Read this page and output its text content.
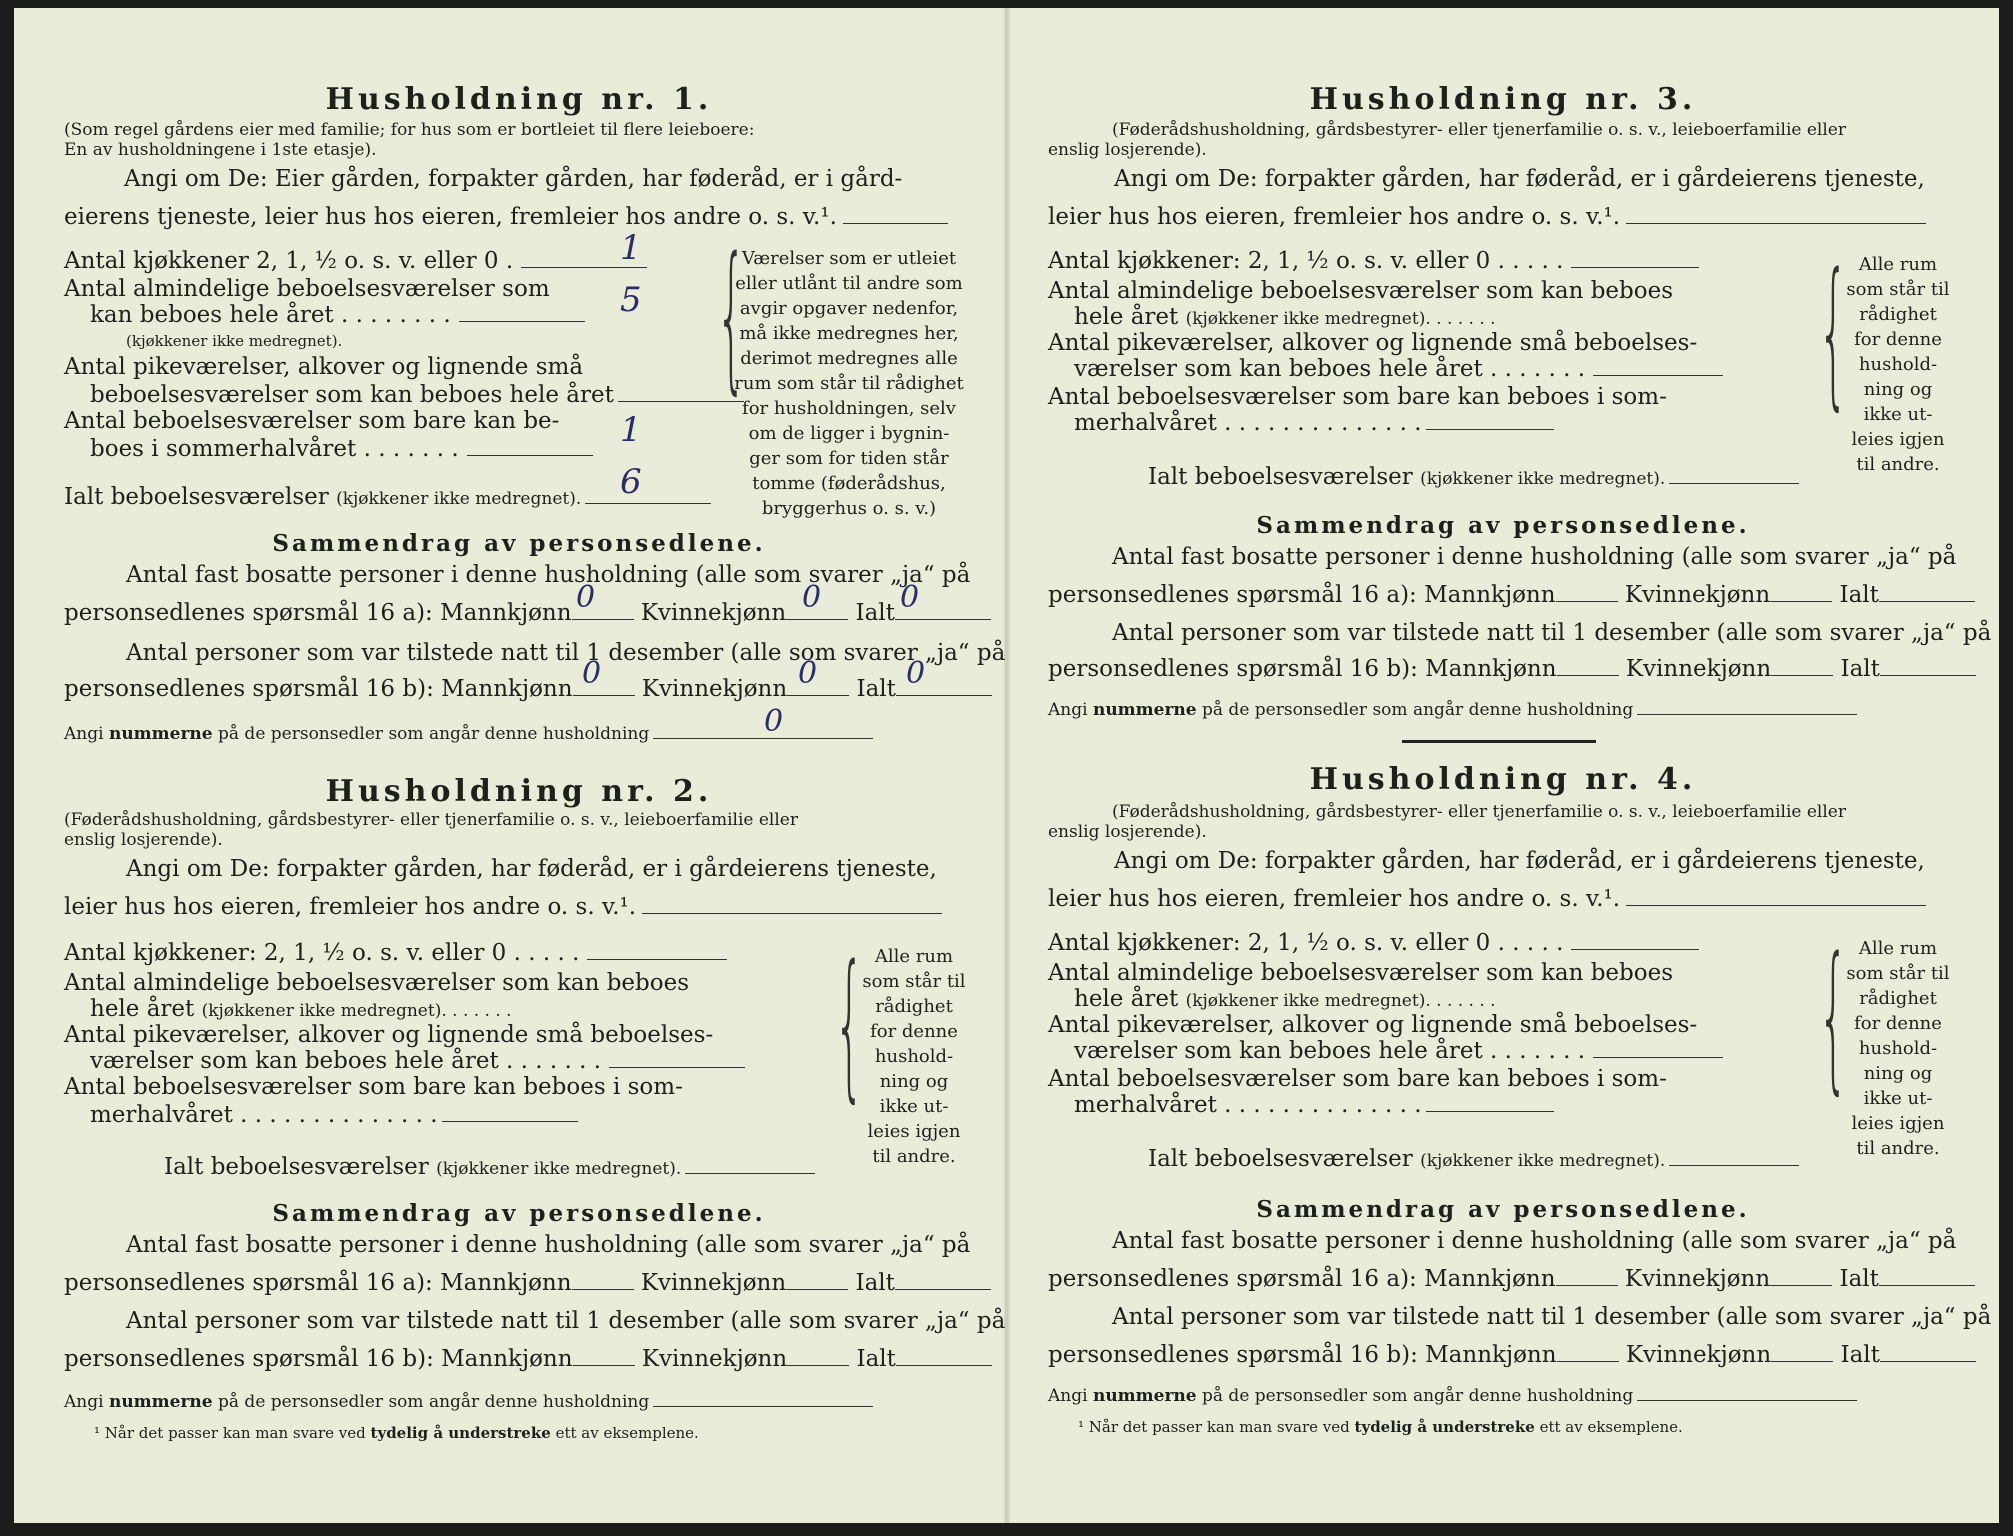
Husholdning nr. 1.
(Som regel gårdens eier med familie; for hus som er bortleiet til flere leieboere:
En av husholdningene i 1ste etasje).
Angi om De: Eier gården, forpakter gården, har føderåd, er i gård-
eierens tjeneste, leier hus hos eieren, fremleier hos andre o. s. v.¹.
Antal kjøkkener 2, 1, ½ o. s. v. eller 0 .	1
Antal almindelige beboelsesværelser som
kan beboes hele året . . . . . . . .	5
(kjøkkener ikke medregnet).
Antal pikeværelser, alkover og lignende små
beboelsesværelser som kan beboes hele året
Antal beboelsesværelser som bare kan be-
boes i sommerhalvåret . . . . . . .	1
Ialt beboelsesværelser (kjøkkener ikke medregnet).	6
{
Værelser som er utleiet
eller utlånt til andre som
avgir opgaver nedenfor,
må ikke medregnes her,
derimot medregnes alle
rum som står til rådighet
for husholdningen, selv
om de ligger i bygnin-
ger som for tiden står
tomme (føderådshus,
bryggerhus o. s. v.)
Sammendrag av personsedlene.
Antal fast bosatte personer i denne husholdning (alle som svarer „ja“ på
personsedlenes spørsmål 16 a): Mannkjønn	Kvinnekjønn	Ialt
0	0	0
Antal personer som var tilstede natt til 1 desember (alle som svarer „ja“ på
personsedlenes spørsmål 16 b): Mannkjønn	Kvinnekjønn	Ialt
0	0	0
Angi nummerne på de personsedler som angår denne husholdning	0
Husholdning nr. 2.
(Føderådshusholdning, gårdsbestyrer- eller tjenerfamilie o. s. v., leieboerfamilie eller
enslig losjerende).
Angi om De: forpakter gården, har føderåd, er i gårdeierens tjeneste,
leier hus hos eieren, fremleier hos andre o. s. v.¹.
Antal kjøkkener: 2, 1, ½ o. s. v. eller 0 . . . . .
Antal almindelige beboelsesværelser som kan beboes
hele året (kjøkkener ikke medregnet). . . . . . .
Antal pikeværelser, alkover og lignende små beboelses-
værelser som kan beboes hele året . . . . . . .
Antal beboelsesværelser som bare kan beboes i som-
merhalvåret . . . . . . . . . . . . . .
Ialt beboelsesværelser (kjøkkener ikke medregnet).
{ Alle rum
som står til
rådighet
for denne
hushold-
ning og
ikke ut-
leies igjen
til andre.
Sammendrag av personsedlene.
Antal fast bosatte personer i denne husholdning (alle som svarer „ja“ på
personsedlenes spørsmål 16 a): Mannkjønn	Kvinnekjønn	Ialt
Antal personer som var tilstede natt til 1 desember (alle som svarer „ja“ på
personsedlenes spørsmål 16 b): Mannkjønn	Kvinnekjønn	Ialt
Angi nummerne på de personsedler som angår denne husholdning
¹ Når det passer kan man svare ved tydelig å understreke ett av eksemplene.
Husholdning nr. 3.
(Føderådshusholdning, gårdsbestyrer- eller tjenerfamilie o. s. v., leieboerfamilie eller
enslig losjerende).
Angi om De: forpakter gården, har føderåd, er i gårdeierens tjeneste,
leier hus hos eieren, fremleier hos andre o. s. v.¹.
Antal kjøkkener: 2, 1, ½ o. s. v. eller 0 . . . . .
Antal almindelige beboelsesværelser som kan beboes
hele året (kjøkkener ikke medregnet). . . . . . .
Antal pikeværelser, alkover og lignende små beboelses-
værelser som kan beboes hele året . . . . . . .
Antal beboelsesværelser som bare kan beboes i som-
merhalvåret . . . . . . . . . . . . . .
Ialt beboelsesværelser (kjøkkener ikke medregnet).
{ Alle rum
som står til
rådighet
for denne
hushold-
ning og
ikke ut-
leies igjen
til andre.
Sammendrag av personsedlene.
Antal fast bosatte personer i denne husholdning (alle som svarer „ja“ på
personsedlenes spørsmål 16 a): Mannkjønn	Kvinnekjønn	Ialt
Antal personer som var tilstede natt til 1 desember (alle som svarer „ja“ på
personsedlenes spørsmål 16 b): Mannkjønn	Kvinnekjønn	Ialt
Angi nummerne på de personsedler som angår denne husholdning
Husholdning nr. 4.
(Føderådshusholdning, gårdsbestyrer- eller tjenerfamilie o. s. v., leieboerfamilie eller
enslig losjerende).
Angi om De: forpakter gården, har føderåd, er i gårdeierens tjeneste,
leier hus hos eieren, fremleier hos andre o. s. v.¹.
Antal kjøkkener: 2, 1, ½ o. s. v. eller 0 . . . . .
Antal almindelige beboelsesværelser som kan beboes
hele året (kjøkkener ikke medregnet). . . . . . .
Antal pikeværelser, alkover og lignende små beboelses-
værelser som kan beboes hele året . . . . . . .
Antal beboelsesværelser som bare kan beboes i som-
merhalvåret . . . . . . . . . . . . . .
Ialt beboelsesværelser (kjøkkener ikke medregnet).
{ Alle rum
som står til
rådighet
for denne
hushold-
ning og
ikke ut-
leies igjen
til andre.
Sammendrag av personsedlene.
Antal fast bosatte personer i denne husholdning (alle som svarer „ja“ på
personsedlenes spørsmål 16 a): Mannkjønn	Kvinnekjønn	Ialt
Antal personer som var tilstede natt til 1 desember (alle som svarer „ja“ på
personsedlenes spørsmål 16 b): Mannkjønn	Kvinnekjønn	Ialt
Angi nummerne på de personsedler som angår denne husholdning
¹ Når det passer kan man svare ved tydelig å understreke ett av eksemplene.
